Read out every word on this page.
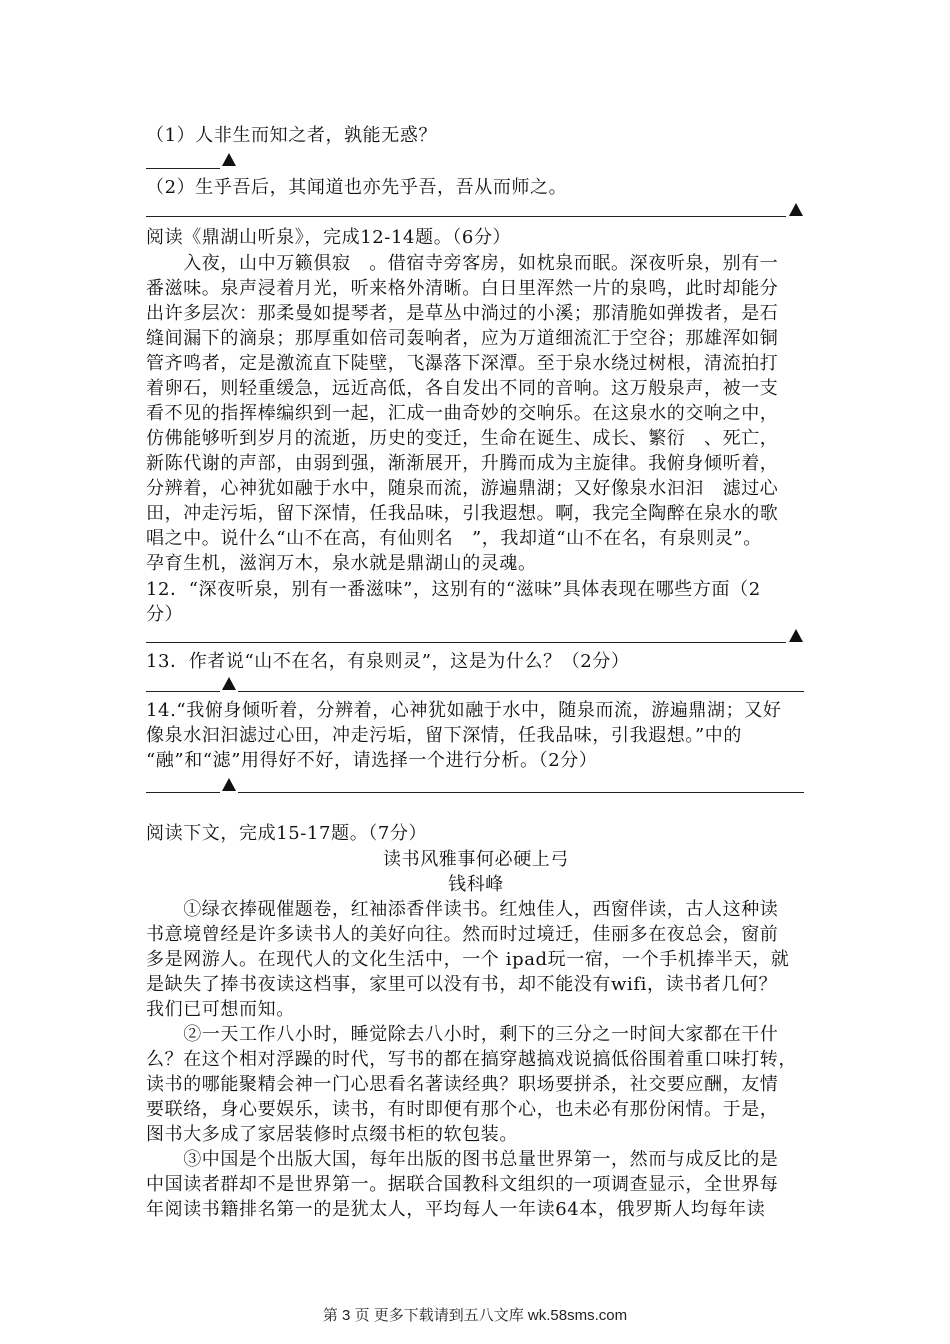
（1）人非生而知之者，孰能无惑？
（2）生乎吾后，其闻道也亦先乎吾，吾从而师之。
阅读《鼎湖山听泉》，完成12-14题。（6分）
　　入夜，山中万籁俱寂　。借宿寺旁客房，如枕泉而眠。深夜听泉，别有一
番滋味。泉声浸着月光，听来格外清晰。白日里浑然一片的泉鸣，此时却能分
出许多层次：那柔曼如提琴者，是草丛中淌过的小溪；那清脆如弹拨者，是石
缝间漏下的滴泉；那厚重如倍司轰响者，应为万道细流汇于空谷；那雄浑如铜
管齐鸣者，定是激流直下陡壁，飞瀑落下深潭。至于泉水绕过树根，清流拍打
着卵石，则轻重缓急，远近高低，各自发出不同的音响。这万般泉声，被一支
看不见的指挥棒编织到一起，汇成一曲奇妙的交响乐。在这泉水的交响之中，
仿佛能够听到岁月的流逝，历史的变迁，生命在诞生、成长、繁衍　、死亡，
新陈代谢的声部，由弱到强，渐渐展开，升腾而成为主旋律。我俯身倾听着，
分辨着，心神犹如融于水中，随泉而流，游遍鼎湖；又好像泉水汩汩　滤过心
田，冲走污垢，留下深情，任我品味，引我遐想。啊，我完全陶醉在泉水的歌
唱之中。说什么“山不在高，有仙则名　”，我却道“山不在名，有泉则灵”。
孕育生机，滋润万木，泉水就是鼎湖山的灵魂。
12．“深夜听泉，别有一番滋味”，这别有的“滋味”具体表现在哪些方面（2
分）
13．作者说“山不在名，有泉则灵”，这是为什么？（2分）
14.“我俯身倾听着，分辨着，心神犹如融于水中，随泉而流，游遍鼎湖；又好
像泉水汩汩滤过心田，冲走污垢，留下深情，任我品味，引我遐想。”中的
“融”和“滤”用得好不好，请选择一个进行分析。（2分）
阅读下文，完成15-17题。（7分）
读书风雅事何必硬上弓
钱科峰
　　①绿衣捧砚催题卷，红袖添香伴读书。红烛佳人，西窗伴读，古人这种读
书意境曾经是许多读书人的美好向往。然而时过境迁，佳丽多在夜总会，窗前
多是网游人。在现代人的文化生活中，一个 ipad玩一宿，一个手机捧半天，就
是缺失了捧书夜读这档事，家里可以没有书，却不能没有wifi，读书者几何？
我们已可想而知。
　　②一天工作八小时，睡觉除去八小时，剩下的三分之一时间大家都在干什
么？在这个相对浮躁的时代，写书的都在搞穿越搞戏说搞低俗围着重口味打转，
读书的哪能聚精会神一门心思看名著读经典？职场要拼杀，社交要应酬，友情
要联络，身心要娱乐，读书，有时即便有那个心，也未必有那份闲情。于是，
图书大多成了家居装修时点缀书柜的软包装。
　　③中国是个出版大国，每年出版的图书总量世界第一，然而与成反比的是
中国读者群却不是世界第一。据联合国教科文组织的一项调查显示，全世界每
年阅读书籍排名第一的是犹太人，平均每人一年读64本，俄罗斯人均每年读
第 3 页 更多下载请到五八文库 wk.58sms.com
